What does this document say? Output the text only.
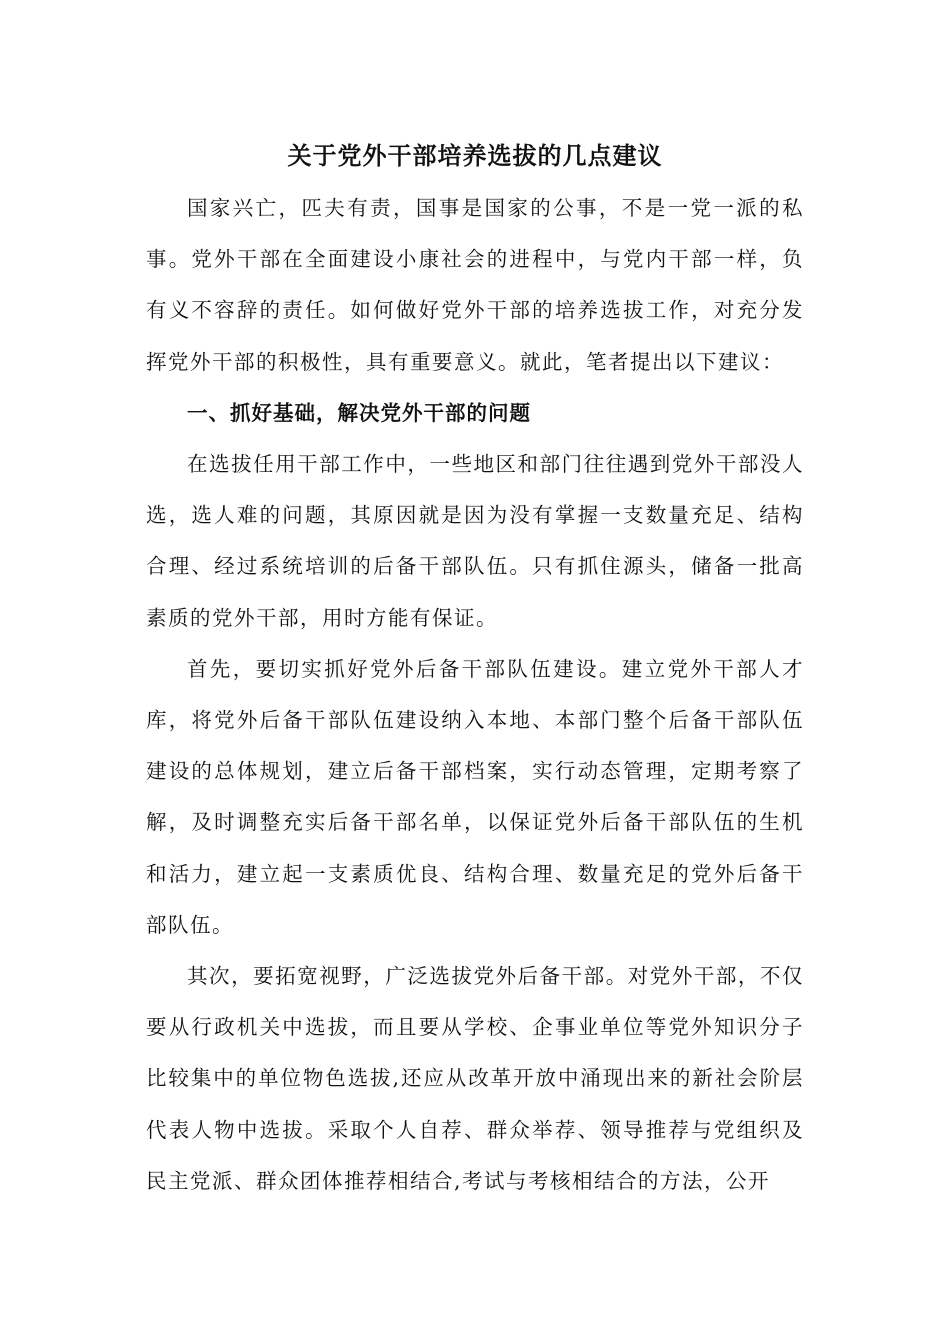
关于党外干部培养选拔的几点建议

国家兴亡，匹夫有责，国事是国家的公事，不是一党一派的私事。党外干部在全面建设小康社会的进程中，与党内干部一样，负有义不容辞的责任。如何做好党外干部的培养选拔工作，对充分发挥党外干部的积极性，具有重要意义。就此，笔者提出以下建议：

一、抓好基础，解决党外干部的问题

在选拔任用干部工作中，一些地区和部门往往遇到党外干部没人选，选人难的问题，其原因就是因为没有掌握一支数量充足、结构合理、经过系统培训的后备干部队伍。只有抓住源头，储备一批高素质的党外干部，用时方能有保证。

首先，要切实抓好党外后备干部队伍建设。建立党外干部人才库，将党外后备干部队伍建设纳入本地、本部门整个后备干部队伍建设的总体规划，建立后备干部档案，实行动态管理，定期考察了解，及时调整充实后备干部名单，以保证党外后备干部队伍的生机和活力，建立起一支素质优良、结构合理、数量充足的党外后备干部队伍。

其次，要拓宽视野，广泛选拔党外后备干部。对党外干部，不仅要从行政机关中选拔，而且要从学校、企事业单位等党外知识分子比较集中的单位物色选拔,还应从改革开放中涌现出来的新社会阶层代表人物中选拔。采取个人自荐、群众举荐、领导推荐与党组织及民主党派、群众团体推荐相结合,考试与考核相结合的方法，公开
